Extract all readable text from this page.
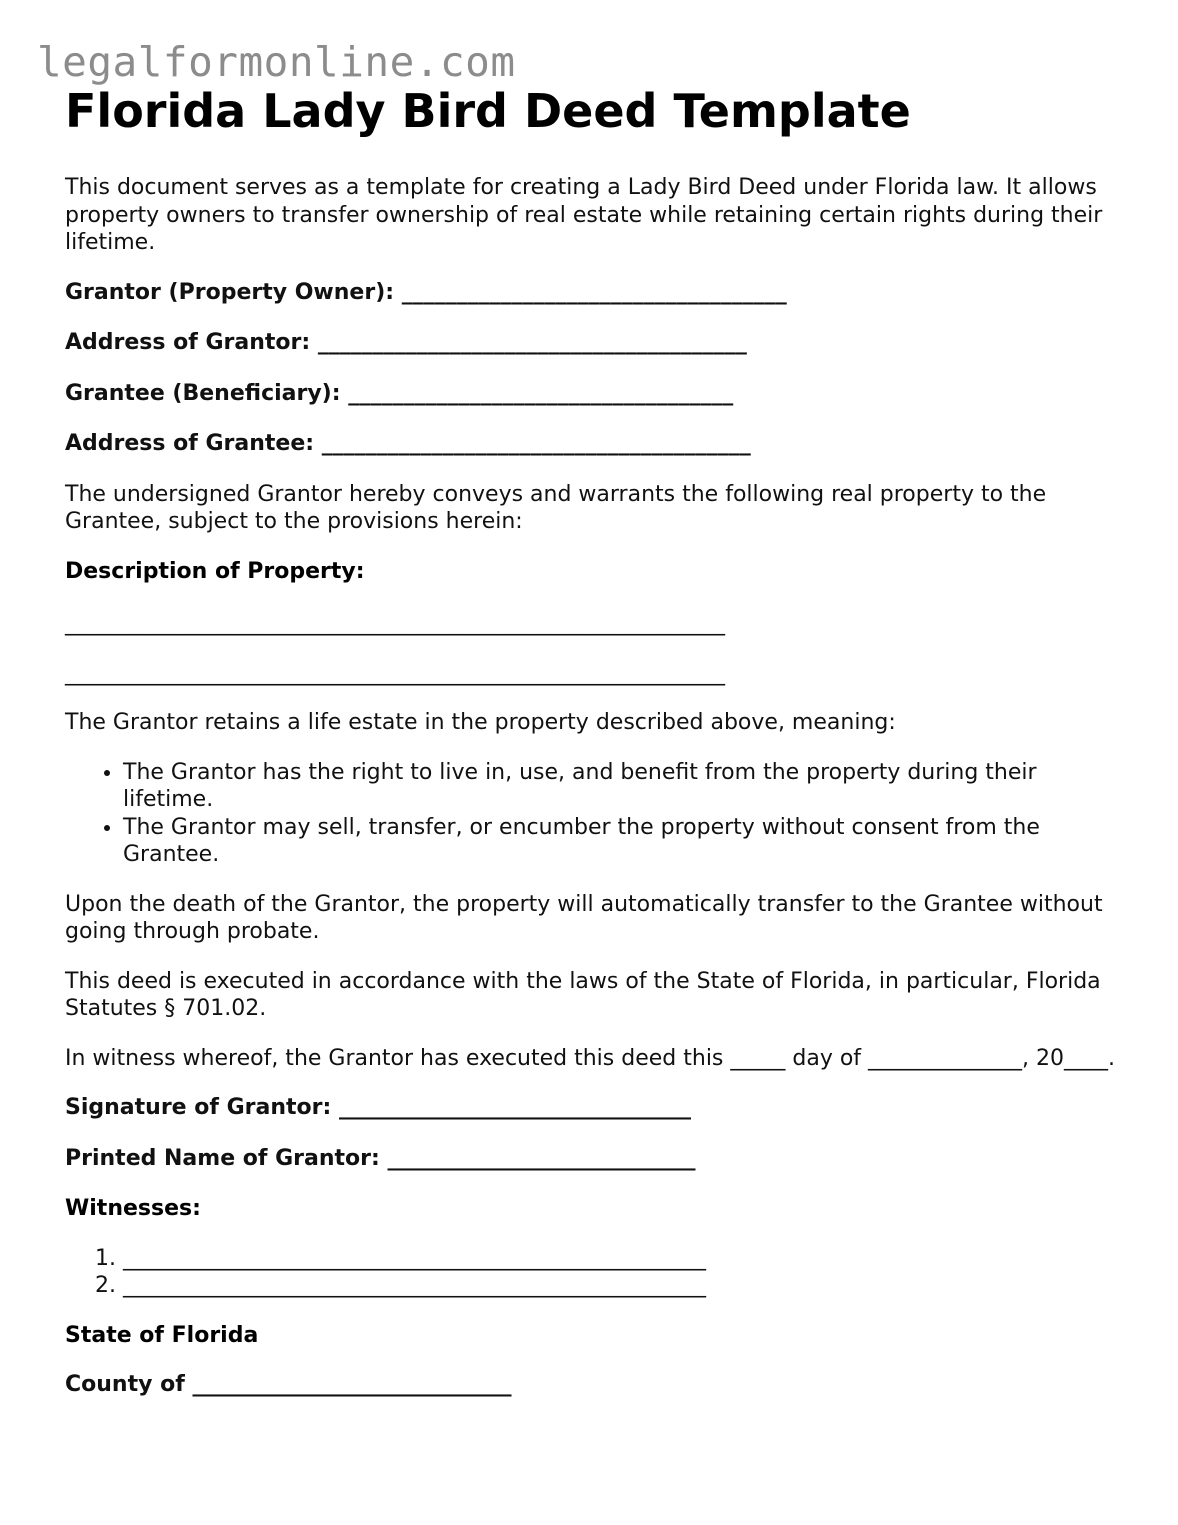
legalformonline.com
Florida Lady Bird Deed Template

This document serves as a template for creating a Lady Bird Deed under Florida law. It allows property owners to transfer ownership of real estate while retaining certain rights during their lifetime.

Grantor (Property Owner): ___________________________________
Address of Grantor: _______________________________________
Grantee (Beneficiary): ___________________________________
Address of Grantee: _______________________________________

The undersigned Grantor hereby conveys and warrants the following real property to the Grantee, subject to the provisions herein:

Description of Property:

____________________________________________________________
____________________________________________________________

The Grantor retains a life estate in the property described above, meaning:

• The Grantor has the right to live in, use, and benefit from the property during their lifetime.
• The Grantor may sell, transfer, or encumber the property without consent from the Grantee.

Upon the death of the Grantor, the property will automatically transfer to the Grantee without going through probate.

This deed is executed in accordance with the laws of the State of Florida, in particular, Florida Statutes § 701.02.

In witness whereof, the Grantor has executed this deed this _____ day of ______________, 20____.

Signature of Grantor: ________________________________
Printed Name of Grantor: ____________________________

Witnesses:

1. _____________________________________________________
2. _____________________________________________________

State of Florida

County of _____________________________
